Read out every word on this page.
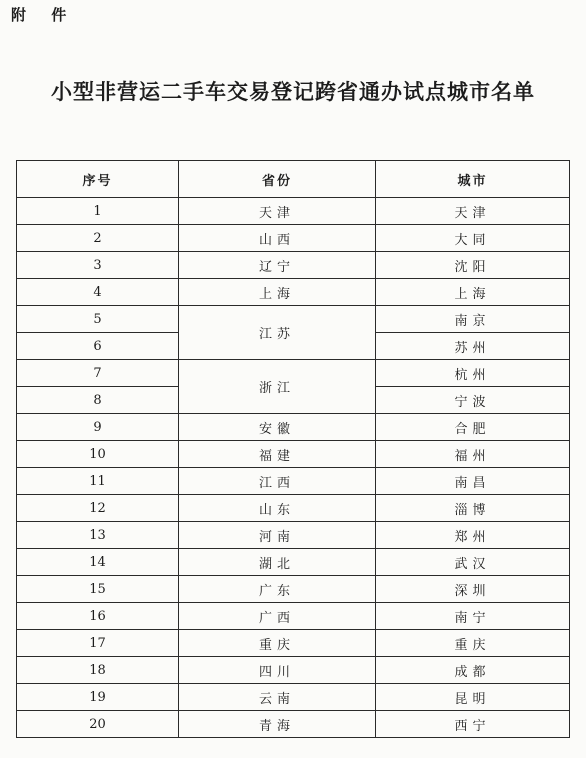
附 件
小型非营运二手车交易登记跨省通办试点城市名单
序号	省份	城市
1	天津	天津
2	山西	大同
3	辽宁	沈阳
4	上海	上海
5	江苏	南京
6		苏州
7	浙江	杭州
8		宁波
9	安徽	合肥
10	福建	福州
11	江西	南昌
12	山东	淄博
13	河南	郑州
14	湖北	武汉
15	广东	深圳
16	广西	南宁
17	重庆	重庆
18	四川	成都
19	云南	昆明
20	青海	西宁
